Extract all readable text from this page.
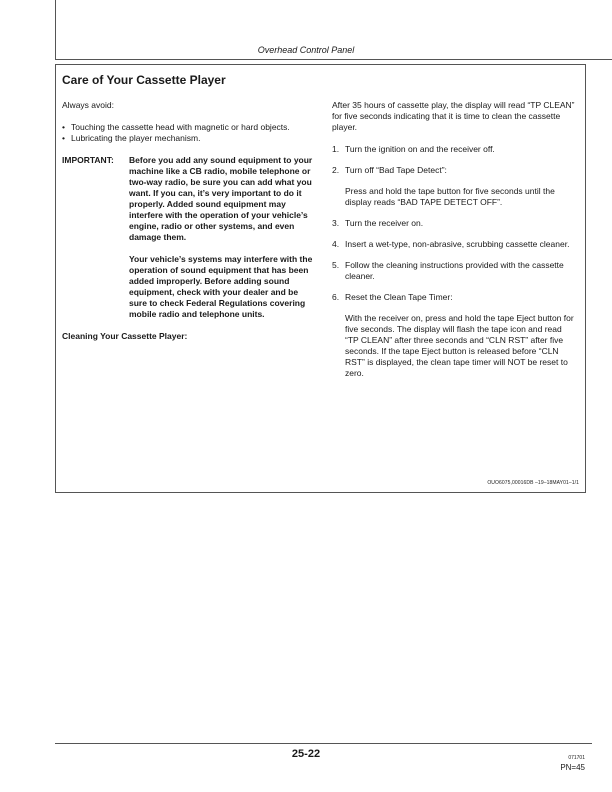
Overhead Control Panel
Care of Your Cassette Player

Always avoid:

• Touching the cassette head with magnetic or hard objects.
• Lubricating the player mechanism.
IMPORTANT:	Before you add any sound equipment to your machine like a CB radio, mobile telephone or two-way radio, be sure you can add what you want. If you can, it’s very important to do it properly. Added sound equipment may interfere with the operation of your vehicle’s engine, radio or other systems, and even damage them.

Your vehicle’s systems may interfere with the operation of sound equipment that has been added improperly. Before adding sound equipment, check with your dealer and be sure to check Federal Regulations covering mobile radio and telephone units.

Cleaning Your Cassette Player:

After 35 hours of cassette play, the display will read “TP CLEAN” for five seconds indicating that it is time to clean the cassette player.

1. Turn the ignition on and the receiver off.

2. Turn off “Bad Tape Detect”:

Press and hold the tape button for five seconds until the display reads “BAD TAPE DETECT OFF”.

3. Turn the receiver on.

4. Insert a wet-type, non-abrasive, scrubbing cassette cleaner.

5. Follow the cleaning instructions provided with the cassette cleaner.

6. Reset the Clean Tape Timer:

With the receiver on, press and hold the tape Eject button for five seconds. The display will flash the tape icon and read “TP CLEAN” after three seconds and “CLN RST” after five seconds. If the tape Eject button is released before “CLN RST” is displayed, the clean tape timer will NOT be reset to zero.

OUO6075,00016DB –19–18MAY01–1/1
25-22	071701
PN=45
